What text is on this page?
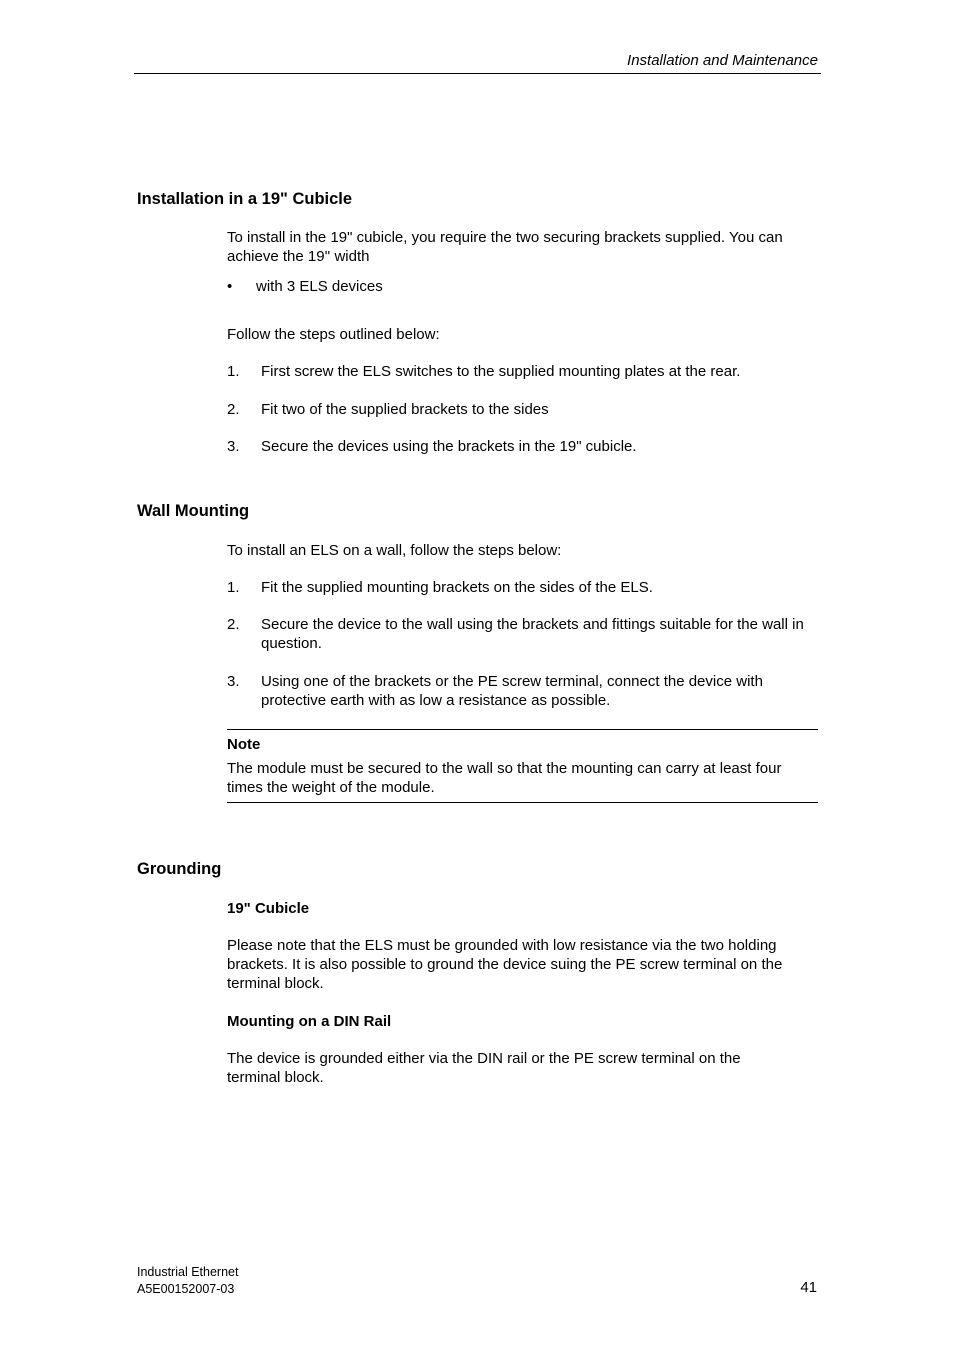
Installation and Maintenance
Installation in a 19" Cubicle
To install in the 19" cubicle, you require the two securing brackets supplied. You can achieve the 19'' width
• with 3 ELS devices
Follow the steps outlined below:
1. First screw the ELS switches to the supplied mounting plates at the rear.
2. Fit two of the supplied brackets to the sides
3. Secure the devices using the brackets in the 19" cubicle.
Wall Mounting
To install an ELS on a wall, follow the steps below:
1. Fit the supplied mounting brackets on the sides of the ELS.
2. Secure the device to the wall using the brackets and fittings suitable for the wall in question.
3. Using one of the brackets or the PE screw terminal, connect the device with protective earth with as low a resistance as possible.
Note
The module must be secured to the wall so that the mounting can carry at least four times the weight of the module.
Grounding
19" Cubicle
Please note that the ELS must be grounded with low resistance via the two holding brackets. It is also possible to ground the device suing the PE screw terminal on the terminal block.
Mounting on a DIN Rail
The device is grounded either via the DIN rail or the PE screw terminal on the terminal block.
Industrial Ethernet
A5E00152007-03	41
